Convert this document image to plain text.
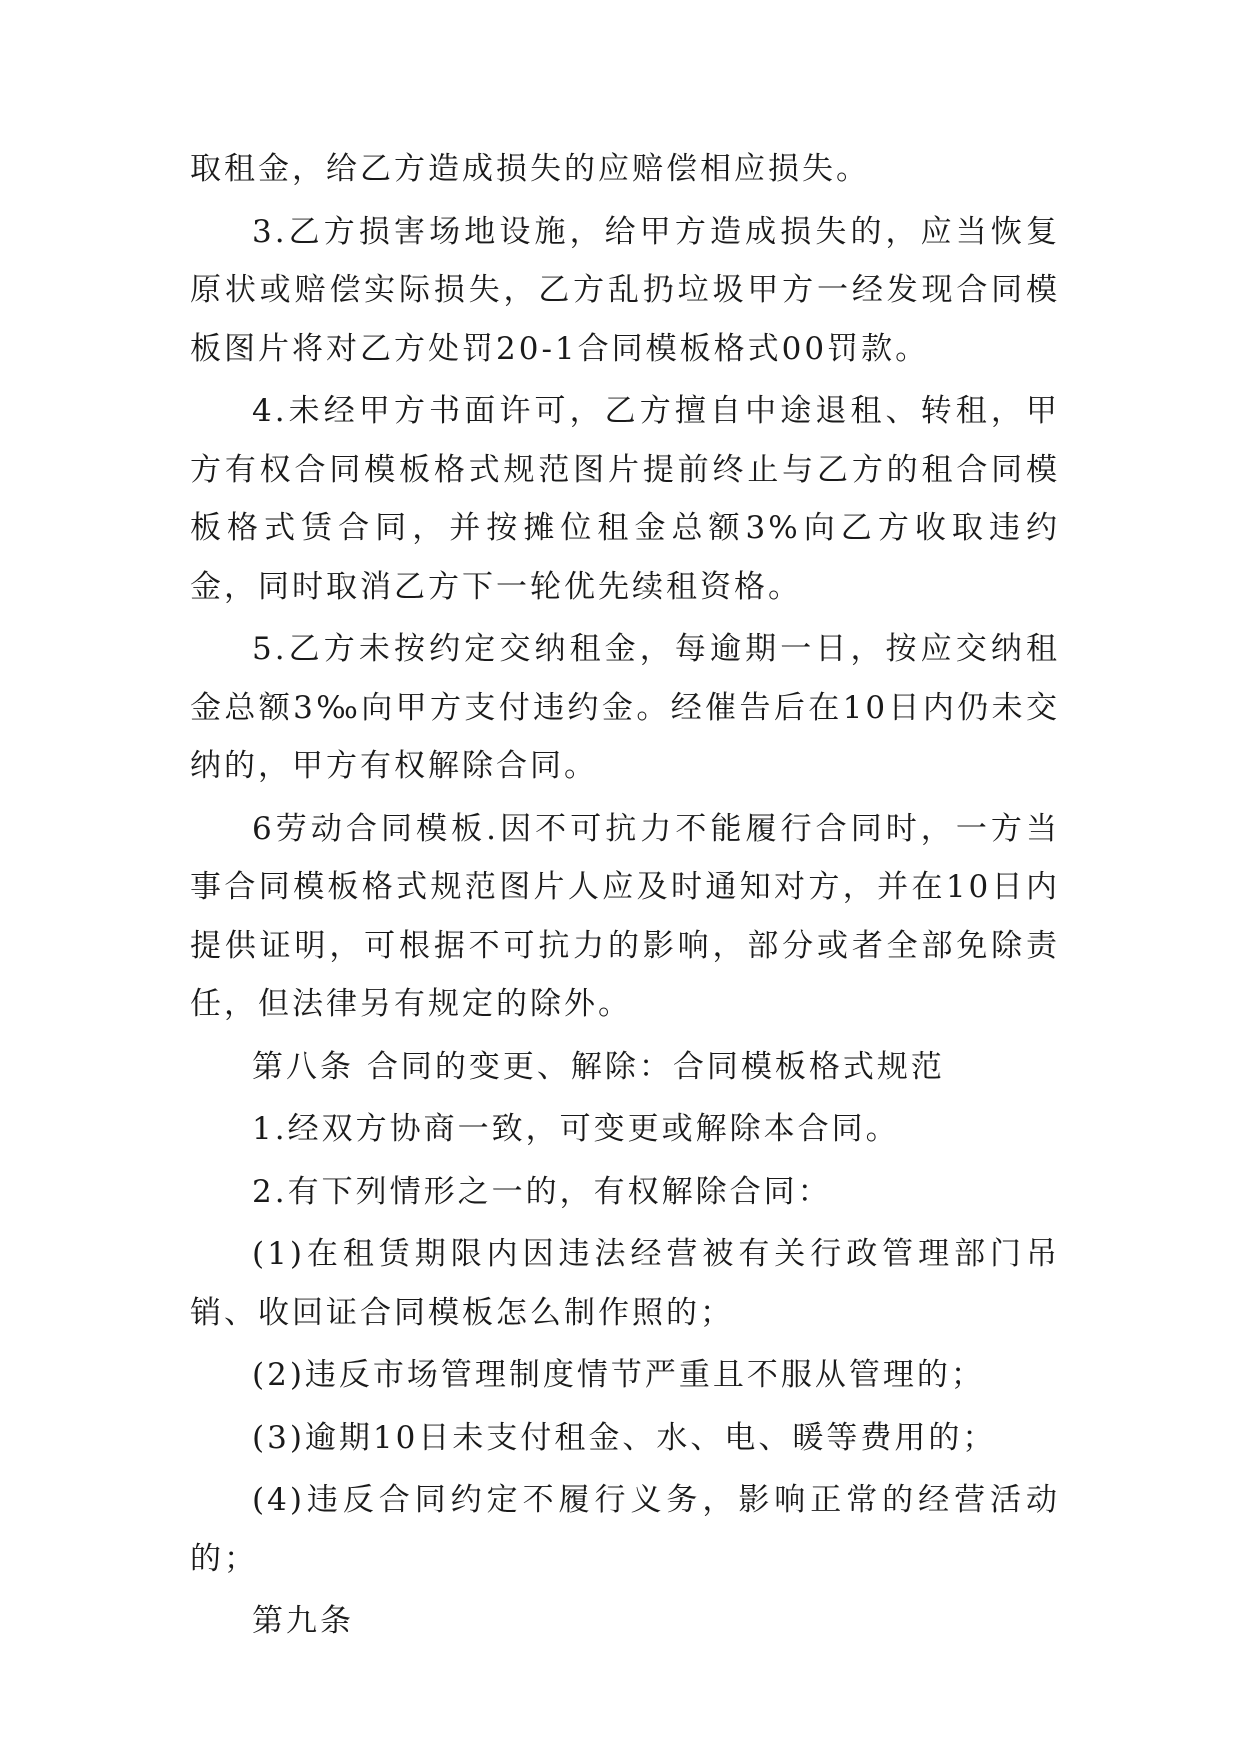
取租金，给乙方造成损失的应赔偿相应损失。

3.乙方损害场地设施，给甲方造成损失的，应当恢复原状或赔偿实际损失，乙方乱扔垃圾甲方一经发现合同模板图片将对乙方处罚20-1合同模板格式00罚款。

4.未经甲方书面许可，乙方擅自中途退租、转租，甲方有权合同模板格式规范图片提前终止与乙方的租合同模板格式赁合同，并按摊位租金总额3%向乙方收取违约金，同时取消乙方下一轮优先续租资格。

5.乙方未按约定交纳租金，每逾期一日，按应交纳租金总额3‰向甲方支付违约金。经催告后在10日内仍未交纳的，甲方有权解除合同。

6劳动合同模板.因不可抗力不能履行合同时，一方当事合同模板格式规范图片人应及时通知对方，并在10日内提供证明，可根据不可抗力的影响，部分或者全部免除责任，但法律另有规定的除外。

第八条 合同的变更、解除：合同模板格式规范

1.经双方协商一致，可变更或解除本合同。

2.有下列情形之一的，有权解除合同：

(1)在租赁期限内因违法经营被有关行政管理部门吊销、收回证合同模板怎么制作照的；

(2)违反市场管理制度情节严重且不服从管理的；

(3)逾期10日未支付租金、水、电、暖等费用的；

(4)违反合同约定不履行义务，影响正常的经营活动的；

第九条
